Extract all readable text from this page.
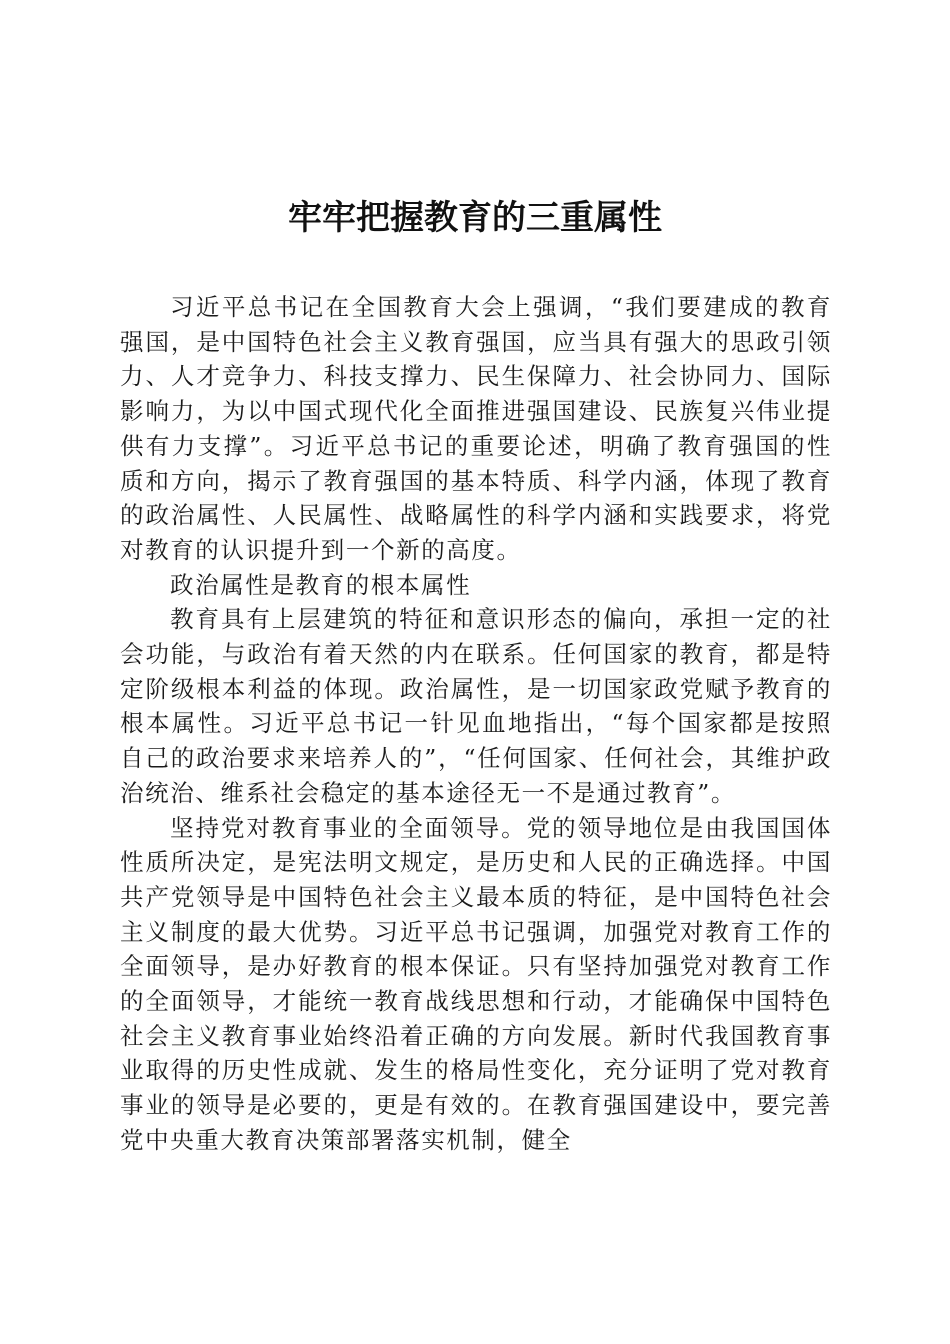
牢牢把握教育的三重属性

习近平总书记在全国教育大会上强调，“我们要建成的教育强国，是中国特色社会主义教育强国，应当具有强大的思政引领力、人才竞争力、科技支撑力、民生保障力、社会协同力、国际影响力，为以中国式现代化全面推进强国建设、民族复兴伟业提供有力支撑”。习近平总书记的重要论述，明确了教育强国的性质和方向，揭示了教育强国的基本特质、科学内涵，体现了教育的政治属性、人民属性、战略属性的科学内涵和实践要求，将党对教育的认识提升到一个新的高度。

政治属性是教育的根本属性

教育具有上层建筑的特征和意识形态的偏向，承担一定的社会功能，与政治有着天然的内在联系。任何国家的教育，都是特定阶级根本利益的体现。政治属性，是一切国家政党赋予教育的根本属性。习近平总书记一针见血地指出，“每个国家都是按照自己的政治要求来培养人的”，“任何国家、任何社会，其维护政治统治、维系社会稳定的基本途径无一不是通过教育”。

坚持党对教育事业的全面领导。党的领导地位是由我国国体性质所决定，是宪法明文规定，是历史和人民的正确选择。中国共产党领导是中国特色社会主义最本质的特征，是中国特色社会主义制度的最大优势。习近平总书记强调，加强党对教育工作的全面领导，是办好教育的根本保证。只有坚持加强党对教育工作的全面领导，才能统一教育战线思想和行动，才能确保中国特色社会主义教育事业始终沿着正确的方向发展。新时代我国教育事业取得的历史性成就、发生的格局性变化，充分证明了党对教育事业的领导是必要的，更是有效的。在教育强国建设中，要完善党中央重大教育决策部署落实机制，健全
